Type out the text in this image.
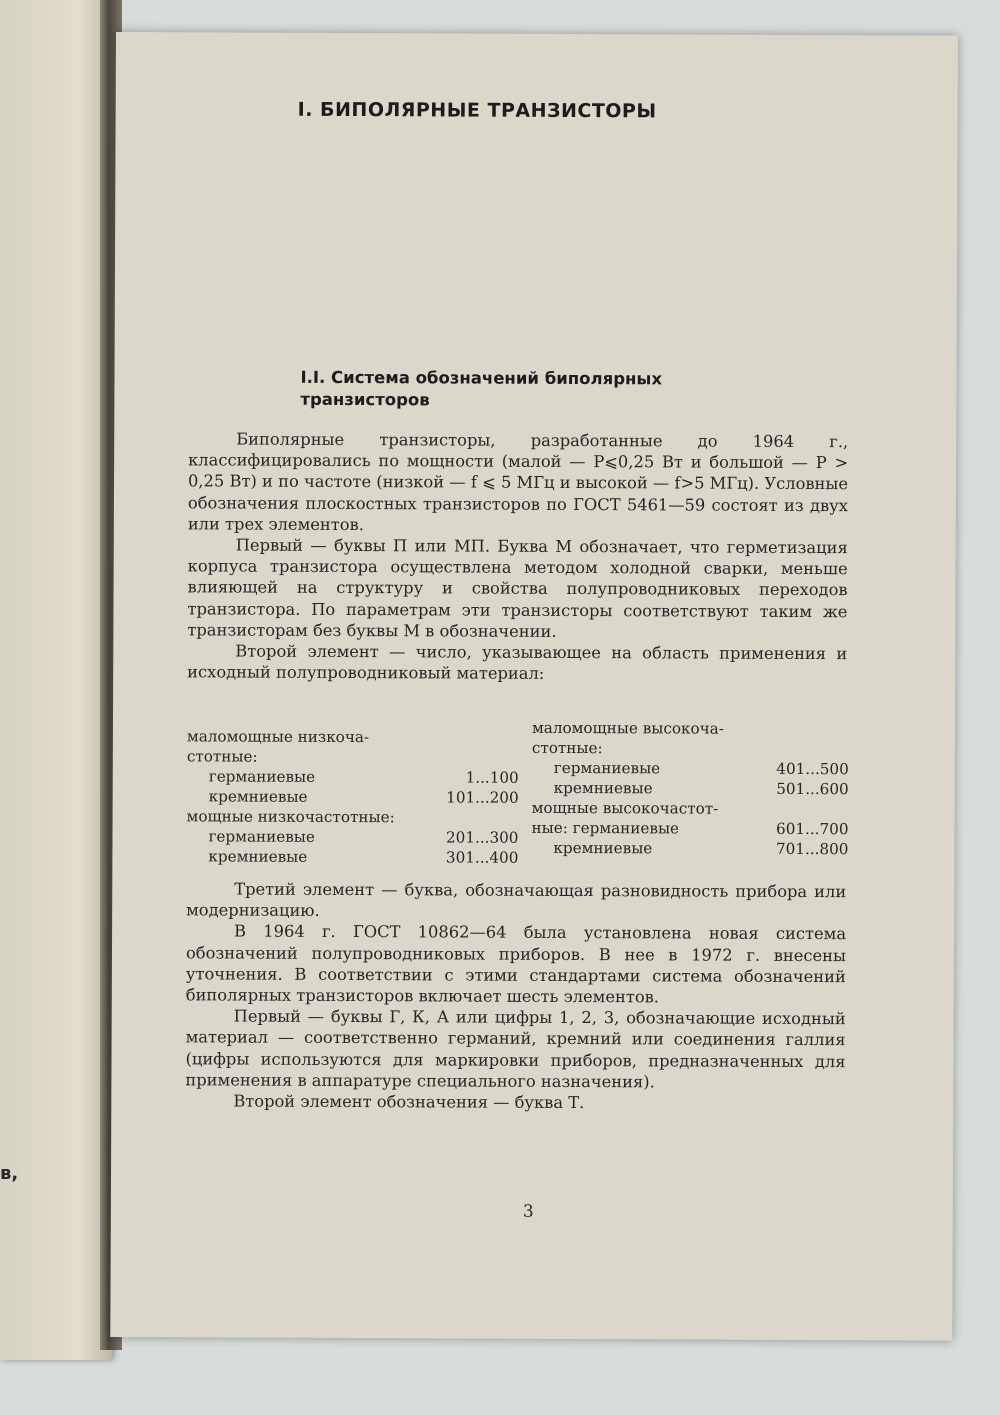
в,
I. БИПОЛЯРНЫЕ ТРАНЗИСТОРЫ
I.I. Система обозначений биполярных
транзисторов

Биполярные транзисторы, разработанные до 1964 г., классифицировались по мощности (малой — P⩽0,25 Вт и большой — P > 0,25 Вт) и по частоте (низкой — f ⩽ 5 МГц и высокой — f>5 МГц). Условные обозначения плоскостных транзисторов по ГОСТ 5461—59 состоят из двух или трех элементов.

Первый — буквы П или МП. Буква М обозначает, что герметизация корпуса транзистора осуществлена методом холодной сварки, меньше влияющей на структуру и свойства полупроводниковых переходов транзистора. По параметрам эти транзисторы соответствуют таким же транзисторам без буквы М в обозначении.

Второй элемент — число, указывающее на область применения и исходный полупроводниковый материал:

маломощные низкоча-
стотные:
германиевые	1...100
кремниевые	101...200
мощные низкочастотные:
германиевые	201...300
кремниевые	301...400
маломощные высокоча-
стотные:
германиевые	401...500
кремниевые	501...600
мощные высокочастот-
ные: германиевые	601...700
кремниевые	701...800

Третий элемент — буква, обозначающая разновидность прибора или модернизацию.

В 1964 г. ГОСТ 10862—64 была установлена новая система обозначений полупроводниковых приборов. В нее в 1972 г. внесены уточнения. В соответствии с этими стандартами система обозначений биполярных транзисторов включает шесть элементов.

Первый — буквы Г, К, А или цифры 1, 2, 3, обозначающие исходный материал — соответственно германий, кремний или соединения галлия (цифры используются для маркировки приборов, предназначенных для применения в аппаратуре специального назначения).

Второй элемент обозначения — буква Т.

3
